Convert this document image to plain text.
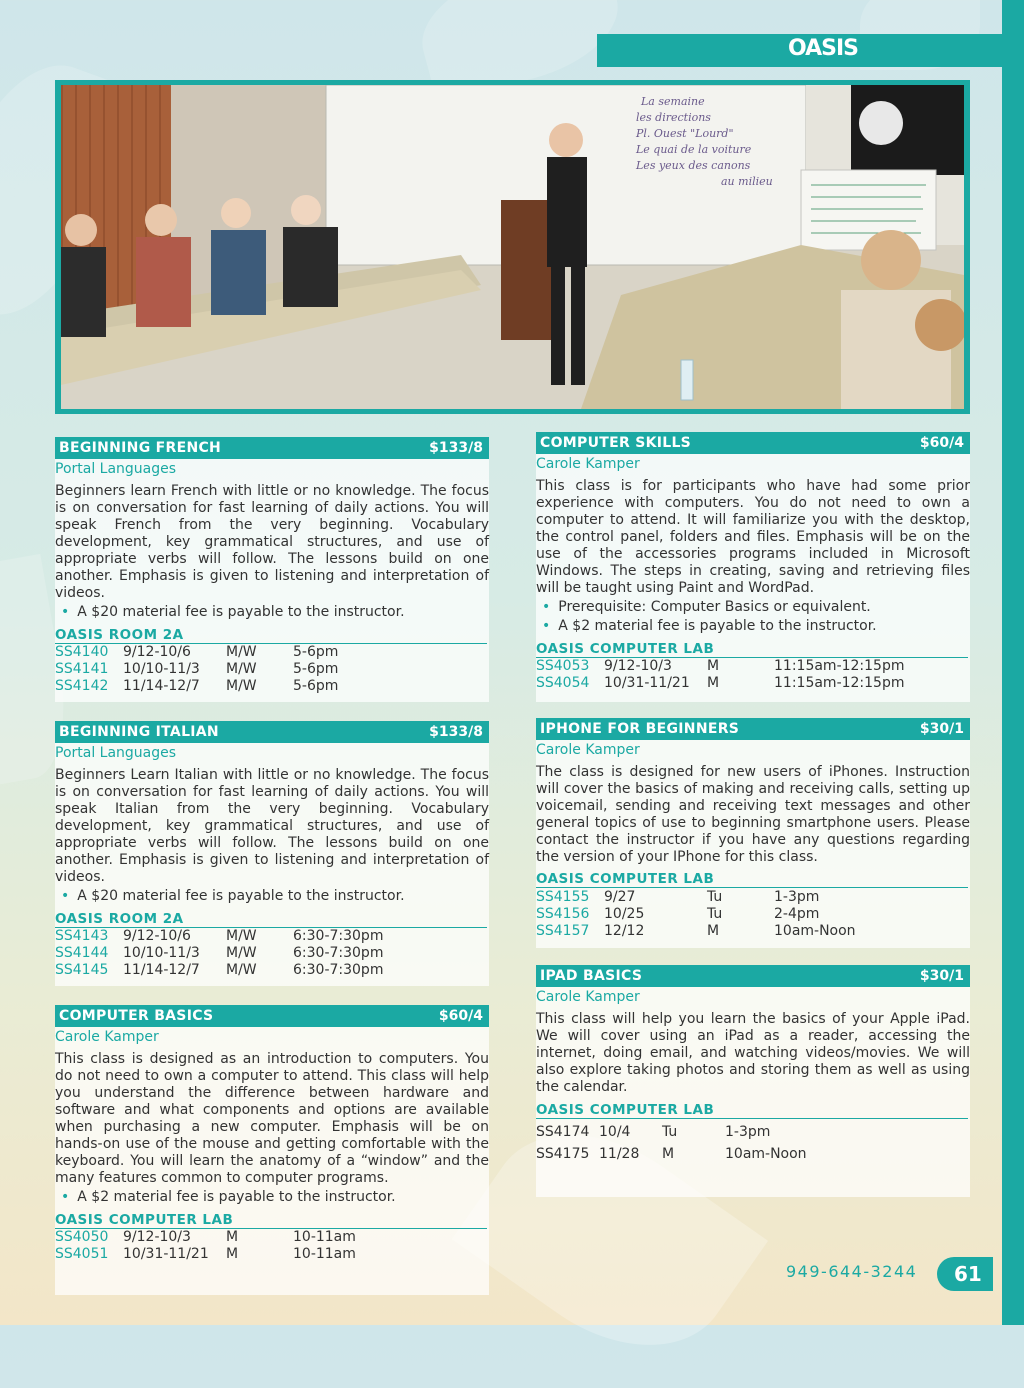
OASIS
La semaine
les directions
Pl. Ouest "Lourd"
Le quai de la voiture
Les yeux des canons
au milieu
BEGINNING FRENCH	$133/8
Portal Languages

Beginners learn French with little or no knowledge. The focus is on conversation for fast learning of daily actions. You will speak French from the very beginning. Vocabulary development, key grammatical structures, and use of appropriate verbs will follow. The lessons build on one another. Emphasis is given to listening and interpretation of videos.

• A $20 material fee is payable to the instructor.
OASIS ROOM 2A
SS4140 9/12-10/6	M/W	5-6pm
SS4141 10/10-11/3 M/W	5-6pm
SS4142 11/14-12/7 M/W	5-6pm
BEGINNING ITALIAN	$133/8
Portal Languages

Beginners Learn Italian with little or no knowledge. The focus is on conversation for fast learning of daily actions. You will speak Italian from the very beginning. Vocabulary development, key grammatical structures, and use of appropriate verbs will follow. The lessons build on one another. Emphasis is given to listening and interpretation of videos.

• A $20 material fee is payable to the instructor.
OASIS ROOM 2A
SS4143 9/12-10/6	M/W	6:30-7:30pm
SS4144 10/10-11/3 M/W	6:30-7:30pm
SS4145 11/14-12/7 M/W	6:30-7:30pm
COMPUTER BASICS	$60/4
Carole Kamper

This class is designed as an introduction to computers. You do not need to own a computer to attend. This class will help you understand the difference between hardware and software and what components and options are available when purchasing a new computer. Emphasis will be on hands-on use of the mouse and getting comfortable with the keyboard. You will learn the anatomy of a “window” and the many features common to computer programs.

• A $2 material fee is payable to the instructor.
OASIS COMPUTER LAB
SS4050 9/12-10/3	M	10-11am
SS4051 10/31-11/21 M	10-11am
COMPUTER SKILLS	$60/4
Carole Kamper

This class is for participants who have had some prior experience with computers. You do not need to own a computer to attend. It will familiarize you with the desktop, the control panel, folders and files. Emphasis will be on the use of the accessories programs included in Microsoft Windows. The steps in creating, saving and retrieving files will be taught using Paint and WordPad.

• Prerequisite: Computer Basics or equivalent.
• A $2 material fee is payable to the instructor.
OASIS COMPUTER LAB
SS4053 9/12-10/3	M	11:15am-12:15pm
SS4054 10/31-11/21 M	11:15am-12:15pm
IPHONE FOR BEGINNERS	$30/1
Carole Kamper

The class is designed for new users of iPhones. Instruction will cover the basics of making and receiving calls, setting up voicemail, sending and receiving text messages and other general topics of use to beginning smartphone users. Please contact the instructor if you have any questions regarding the version of your IPhone for this class.

OASIS COMPUTER LAB
SS4155 9/27	Tu	1-3pm
SS4156 10/25	Tu	2-4pm
SS4157 12/12	M	10am-Noon
IPAD BASICS	$30/1
Carole Kamper

This class will help you learn the basics of your Apple iPad. We will cover using an iPad as a reader, accessing the internet, doing email, and watching videos/movies. We will also explore taking photos and storing them as well as using the calendar.

OASIS COMPUTER LAB
SS4174 10/4 Tu	1-3pm
SS4175 11/28 M	10am-Noon
949-644-3244 61
